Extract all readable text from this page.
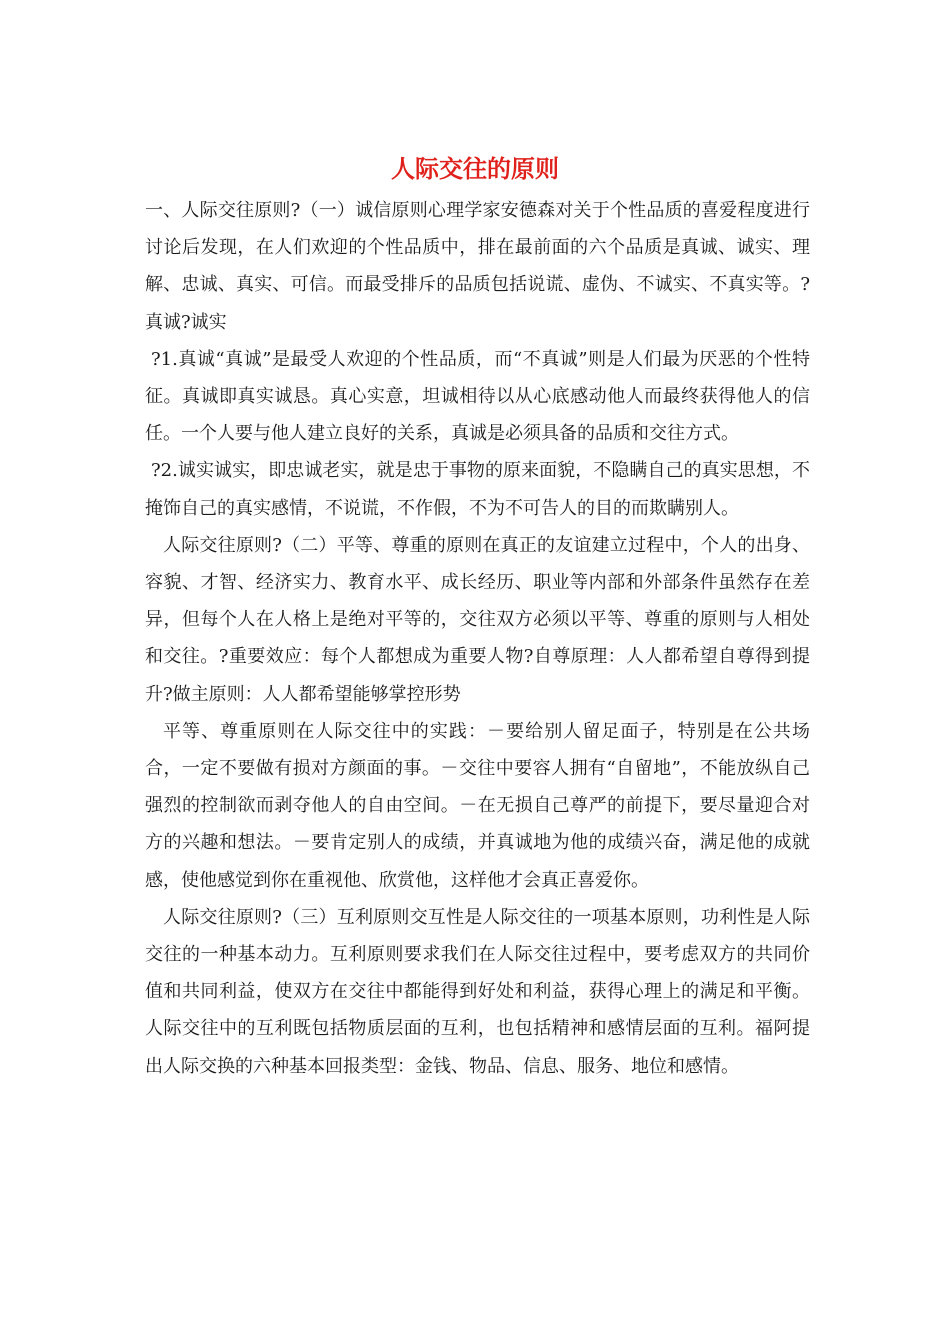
人际交往的原则

一、人际交往原则?（一）诚信原则心理学家安德森对关于个性品质的喜爱程度进行讨论后发现，在人们欢迎的个性品质中，排在最前面的六个品质是真诚、诚实、理解、忠诚、真实、可信。而最受排斥的品质包括说谎、虚伪、不诚实、不真实等。?真诚?诚实

?1.真诚“真诚”是最受人欢迎的个性品质，而“不真诚”则是人们最为厌恶的个性特征。真诚即真实诚恳。真心实意，坦诚相待以从心底感动他人而最终获得他人的信任。一个人要与他人建立良好的关系，真诚是必须具备的品质和交往方式。

?2.诚实诚实，即忠诚老实，就是忠于事物的原来面貌，不隐瞒自己的真实思想，不掩饰自己的真实感情，不说谎，不作假，不为不可告人的目的而欺瞒别人。

人际交往原则?（二）平等、尊重的原则在真正的友谊建立过程中，个人的出身、容貌、才智、经济实力、教育水平、成长经历、职业等内部和外部条件虽然存在差异，但每个人在人格上是绝对平等的，交往双方必须以平等、尊重的原则与人相处和交往。?重要效应：每个人都想成为重要人物?自尊原理：人人都希望自尊得到提升?做主原则：人人都希望能够掌控形势

平等、尊重原则在人际交往中的实践：－要给别人留足面子，特别是在公共场合，一定不要做有损对方颜面的事。－交往中要容人拥有“自留地”，不能放纵自己强烈的控制欲而剥夺他人的自由空间。－在无损自己尊严的前提下，要尽量迎合对方的兴趣和想法。－要肯定别人的成绩，并真诚地为他的成绩兴奋，满足他的成就感，使他感觉到你在重视他、欣赏他，这样他才会真正喜爱你。

人际交往原则?（三）互利原则交互性是人际交往的一项基本原则，功利性是人际交往的一种基本动力。互利原则要求我们在人际交往过程中，要考虑双方的共同价值和共同利益，使双方在交往中都能得到好处和利益，获得心理上的满足和平衡。人际交往中的互利既包括物质层面的互利，也包括精神和感情层面的互利。福阿提出人际交换的六种基本回报类型：金钱、物品、信息、服务、地位和感情。
